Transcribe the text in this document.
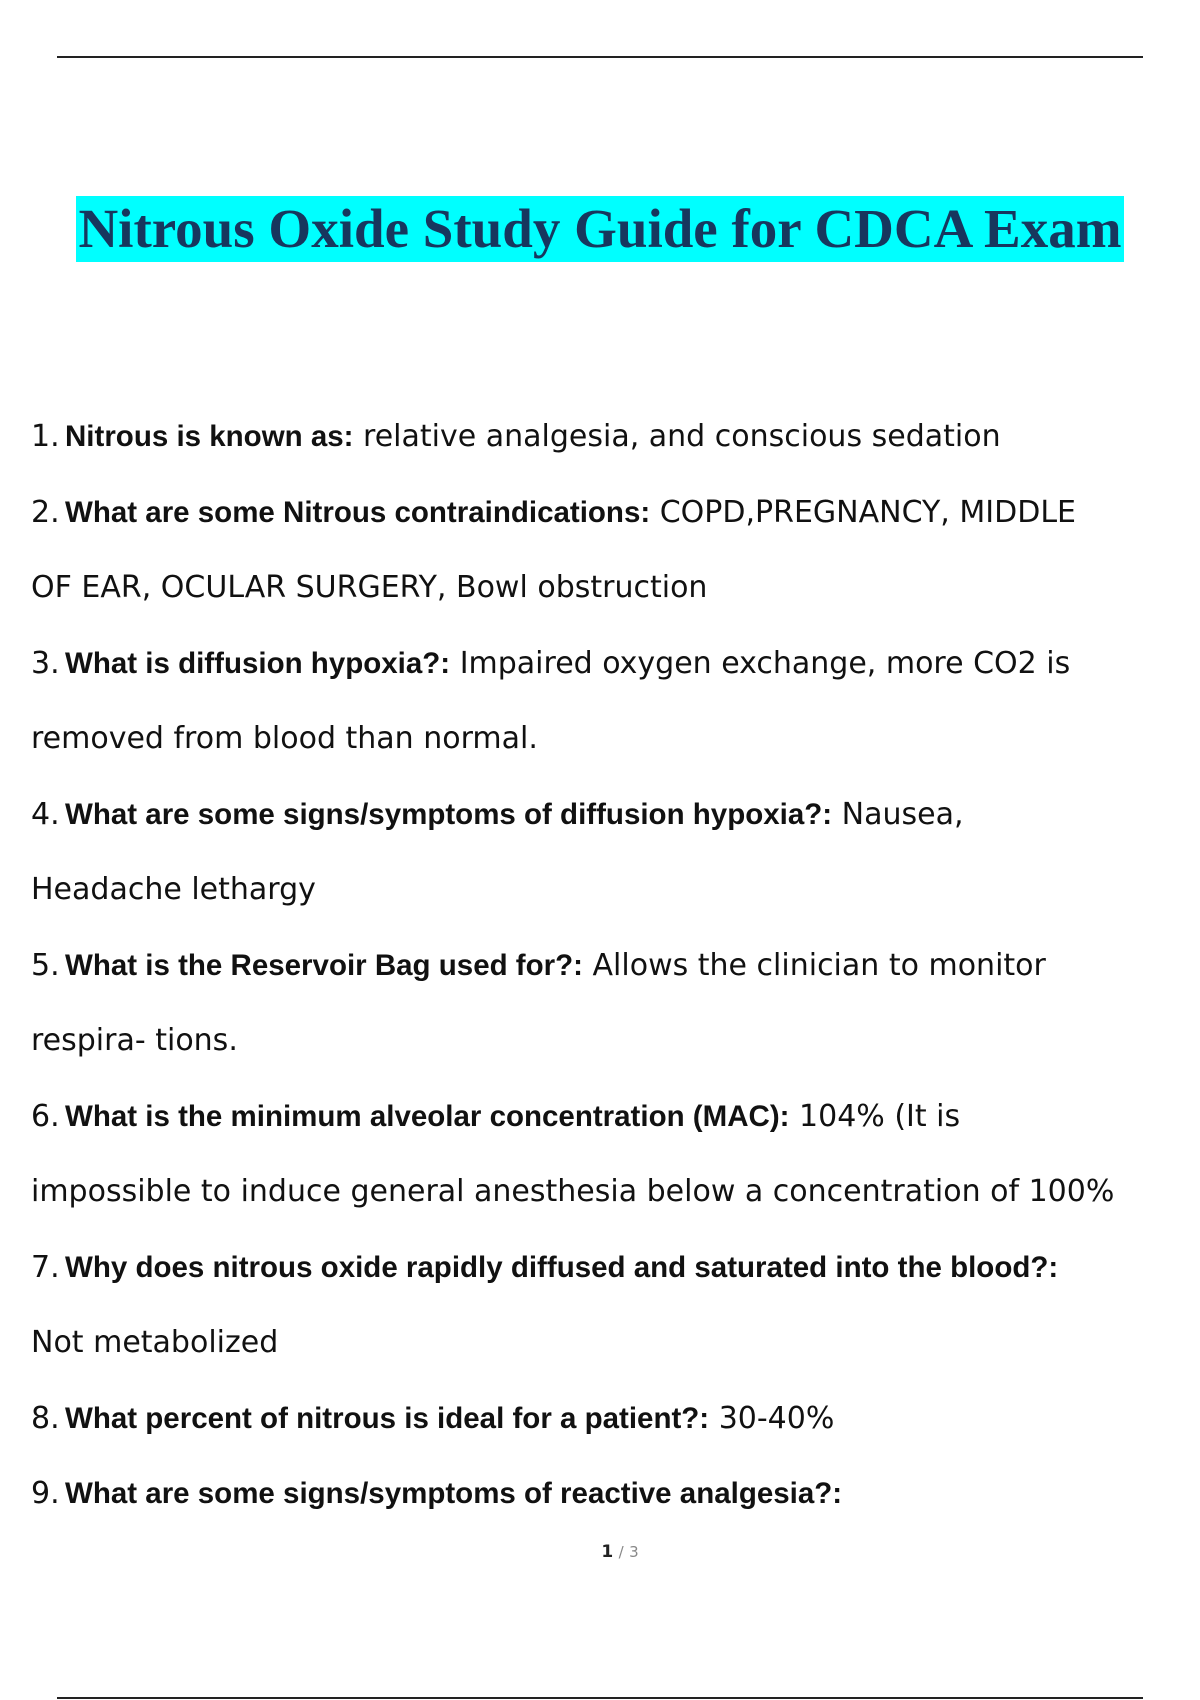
Nitrous Oxide Study Guide for CDCA Exam
1. Nitrous is known as: relative analgesia, and conscious sedation
2. What are some Nitrous contraindications: COPD,PREGNANCY, MIDDLE
OF EAR, OCULAR SURGERY, Bowl obstruction
3. What is diffusion hypoxia?: Impaired oxygen exchange, more CO2 is
removed from blood than normal.
4. What are some signs/symptoms of diffusion hypoxia?: Nausea,
Headache lethargy
5. What is the Reservoir Bag used for?: Allows the clinician to monitor
respira- tions.
6. What is the minimum alveolar concentration (MAC): 104% (It is
impossible to induce general anesthesia below a concentration of 100%
7. Why does nitrous oxide rapidly diffused and saturated into the blood?:
Not metabolized
8. What percent of nitrous is ideal for a patient?: 30-40%
9. What are some signs/symptoms of reactive analgesia?:
1 / 3
